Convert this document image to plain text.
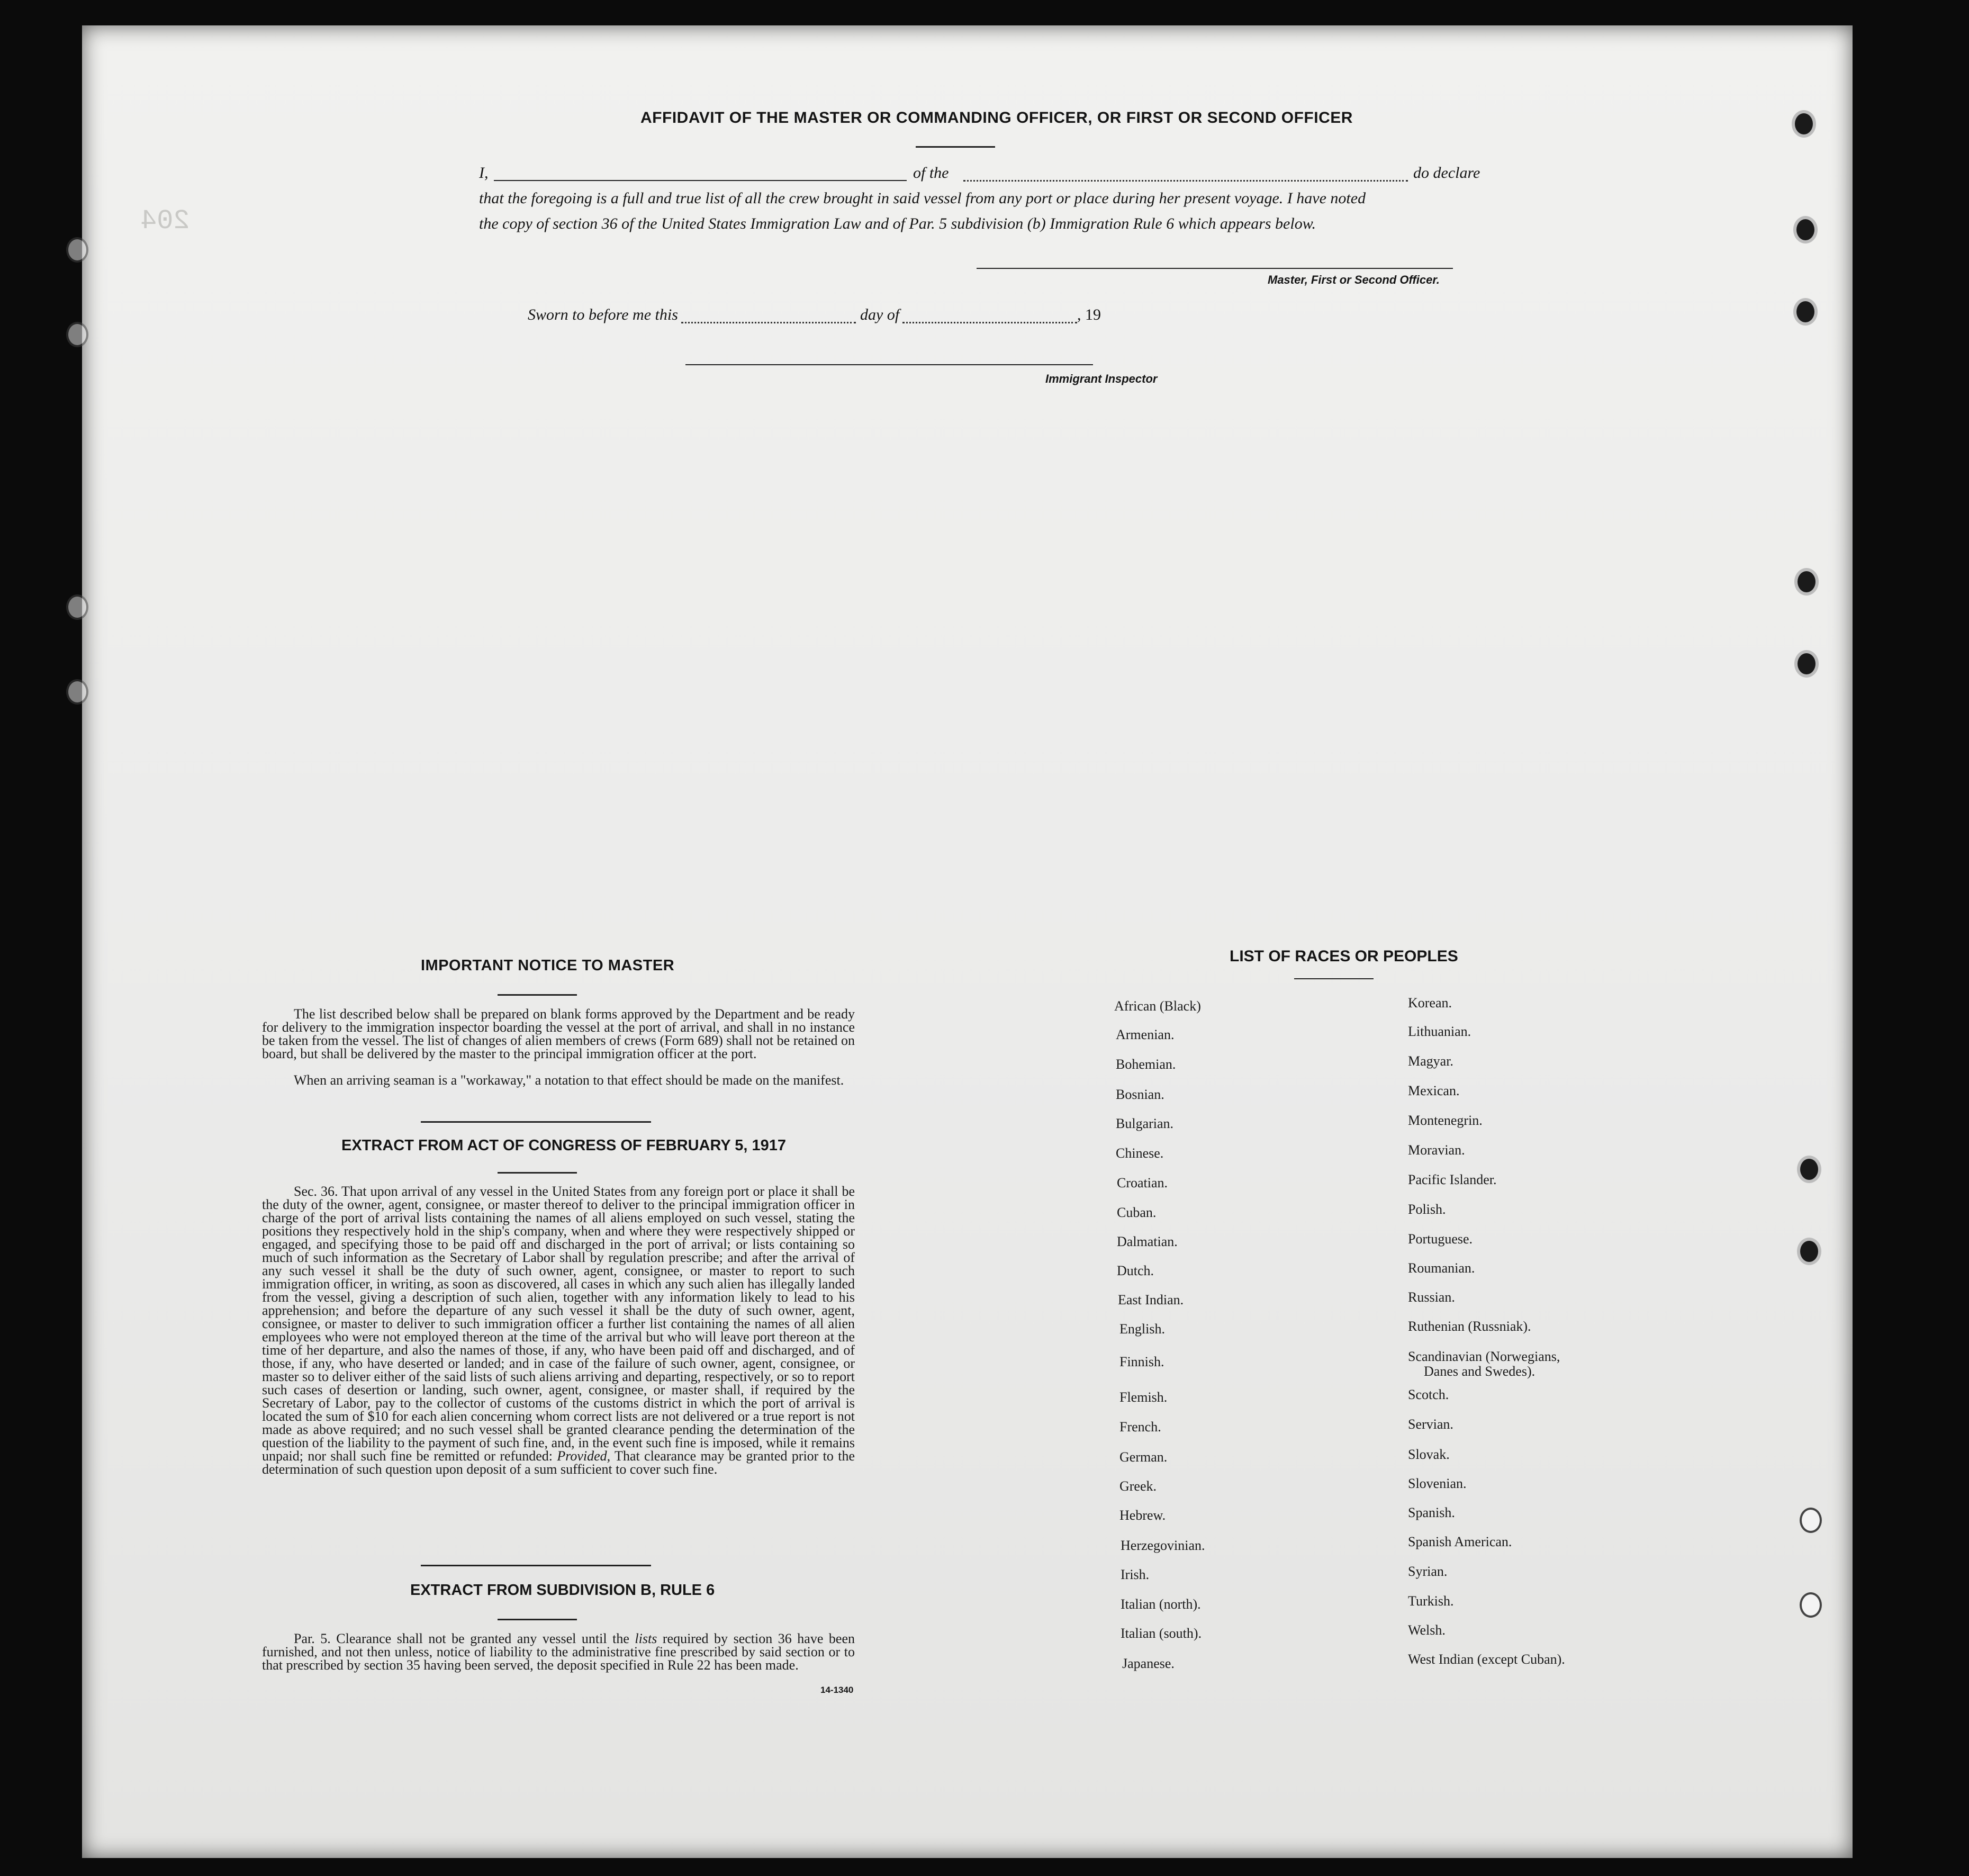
204
AFFIDAVIT OF THE MASTER OR COMMANDING OFFICER, OR FIRST OR SECOND OFFICER
I,	of the	do declare
that the foregoing is a full and true list of all the crew brought in said vessel from any port or place during her present voyage. I have noted
the copy of section 36 of the United States Immigration Law and of Par. 5 subdivision (b) Immigration Rule 6 which appears below.
Master, First or Second Officer.
Sworn to before me this	day of	, 19
Immigrant Inspector
IMPORTANT NOTICE TO MASTER
The list described below shall be prepared on blank forms approved by the Department and be ready for delivery to the immigration inspector boarding the vessel at the port of arrival, and shall in no instance be taken from the vessel. The list of changes of alien members of crews (Form 689) shall not be retained on board, but shall be delivered by the master to the principal immigration officer at the port.
When an arriving seaman is a "workaway," a notation to that effect should be made on the manifest.
EXTRACT FROM ACT OF CONGRESS OF FEBRUARY 5, 1917
Sec. 36. That upon arrival of any vessel in the United States from any foreign port or place it shall be the duty of the owner, agent, consignee, or master thereof to deliver to the principal immigration officer in charge of the port of arrival lists containing the names of all aliens employed on such vessel, stating the positions they respectively hold in the ship's company, when and where they were respectively shipped or engaged, and specifying those to be paid off and discharged in the port of arrival; or lists containing so much of such information as the Secretary of Labor shall by regulation prescribe; and after the arrival of any such vessel it shall be the duty of such owner, agent, consignee, or master to report to such immigration officer, in writing, as soon as discovered, all cases in which any such alien has illegally landed from the vessel, giving a description of such alien, together with any information likely to lead to his apprehension; and before the departure of any such vessel it shall be the duty of such owner, agent, consignee, or master to deliver to such immigration officer a further list containing the names of all alien employees who were not employed thereon at the time of the arrival but who will leave port thereon at the time of her departure, and also the names of those, if any, who have been paid off and discharged, and of those, if any, who have deserted or landed; and in case of the failure of such owner, agent, consignee, or master so to deliver either of the said lists of such aliens arriving and departing, respectively, or so to report such cases of desertion or landing, such owner, agent, consignee, or master shall, if required by the Secretary of Labor, pay to the collector of customs of the customs district in which the port of arrival is located the sum of $10 for each alien concerning whom correct lists are not delivered or a true report is not made as above required; and no such vessel shall be granted clearance pending the determination of the question of the liability to the payment of such fine, and, in the event such fine is imposed, while it remains unpaid; nor shall such fine be remitted or refunded: Provided, That clearance may be granted prior to the determination of such question upon deposit of a sum sufficient to cover such fine.
EXTRACT FROM SUBDIVISION B, RULE 6
Par. 5. Clearance shall not be granted any vessel until the lists required by section 36 have been furnished, and not then unless, notice of liability to the administrative fine prescribed by said section or to that prescribed by section 35 having been served, the deposit specified in Rule 22 has been made.
14-1340
LIST OF RACES OR PEOPLES
African (Black)
Armenian.
Bohemian.
Bosnian.
Bulgarian.
Chinese.
Croatian.
Cuban.
Dalmatian.
Dutch.
East Indian.
English.
Finnish.
Flemish.
French.
German.
Greek.
Hebrew.
Herzegovinian.
Irish.
Italian (north).
Italian (south).
Japanese.
Korean.
Lithuanian.
Magyar.
Mexican.
Montenegrin.
Moravian.
Pacific Islander.
Polish.
Portuguese.
Roumanian.
Russian.
Ruthenian (Russniak).
Scandinavian (Norwegians,
Danes and Swedes).
Scotch.
Servian.
Slovak.
Slovenian.
Spanish.
Spanish American.
Syrian.
Turkish.
Welsh.
West Indian (except Cuban).
